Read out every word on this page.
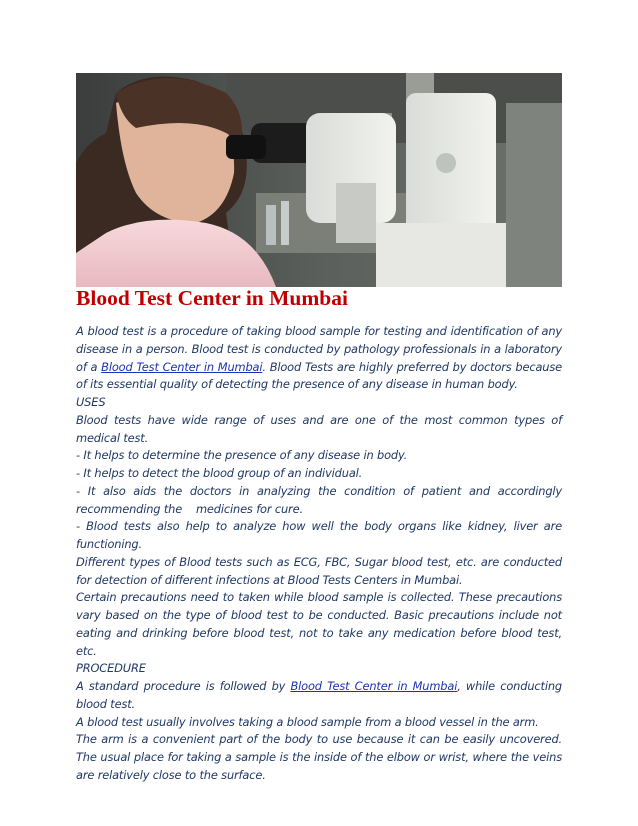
Blood Test Center in Mumbai

A blood test is a procedure of taking blood sample for testing and identification of any disease in a person. Blood test is conducted by pathology professionals in a laboratory of a Blood Test Center in Mumbai. Blood Tests are highly preferred by doctors because of its essential quality of detecting the presence of any disease in human body.

USES

Blood tests have wide range of uses and are one of the most common types of medical test.

- It helps to determine the presence of any disease in body.

- It helps to detect the blood group of an individual.

- It also aids the doctors in analyzing the condition of patient and accordingly recommending the    medicines for cure.

- Blood tests also help to analyze how well the body organs like kidney, liver are functioning.

Different types of Blood tests such as ECG, FBC, Sugar blood test, etc. are conducted for detection of different infections at Blood Tests Centers in Mumbai.

Certain precautions need to taken while blood sample is collected. These precautions vary based on the type of blood test to be conducted. Basic precautions include not eating and drinking before blood test, not to take any medication before blood test, etc.

PROCEDURE

A standard procedure is followed by Blood Test Center in Mumbai, while conducting blood test.

A blood test usually involves taking a blood sample from a blood vessel in the arm.

The arm is a convenient part of the body to use because it can be easily uncovered. The usual place for taking a sample is the inside of the elbow or wrist, where the veins are relatively close to the surface.
